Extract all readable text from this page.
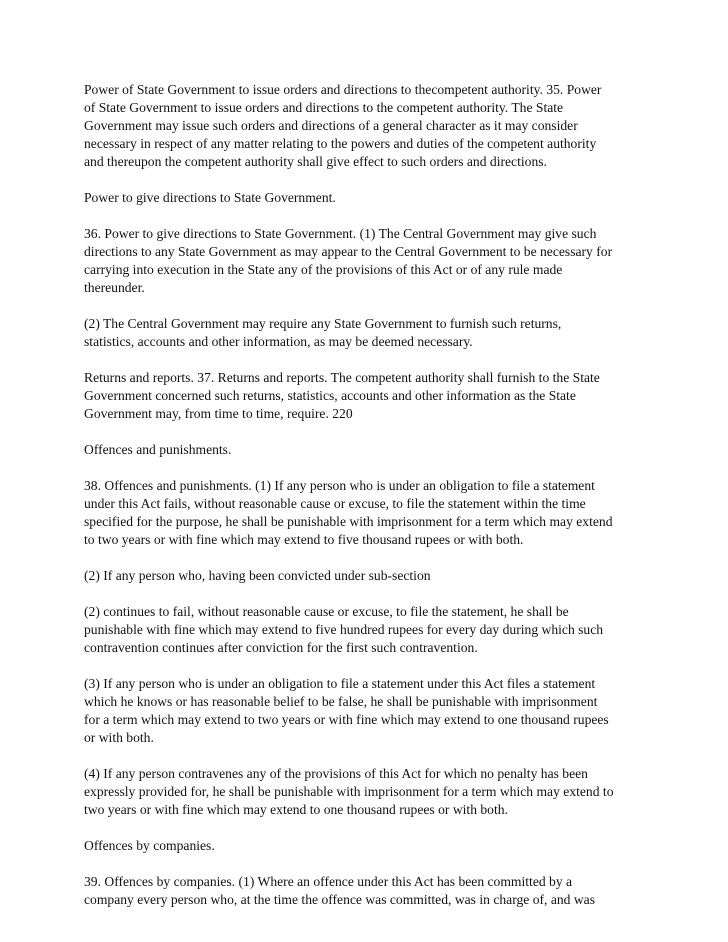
Power of State Government to issue orders and directions to thecompetent authority. 35. Power
of State Government to issue orders and directions to the competent authority. The State
Government may issue such orders and directions of a general character as it may consider
necessary in respect of any matter relating to the powers and duties of the competent authority
and thereupon the competent authority shall give effect to such orders and directions.

Power to give directions to State Government.

36. Power to give directions to State Government. (1) The Central Government may give such
directions to any State Government as may appear to the Central Government to be necessary for
carrying into execution in the State any of the provisions of this Act or of any rule made
thereunder.

(2) The Central Government may require any State Government to furnish such returns,
statistics, accounts and other information, as may be deemed necessary.

Returns and reports. 37. Returns and reports. The competent authority shall furnish to the State
Government concerned such returns, statistics, accounts and other information as the State
Government may, from time to time, require. 220

Offences and punishments.

38. Offences and punishments. (1) If any person who is under an obligation to file a statement
under this Act fails, without reasonable cause or excuse, to file the statement within the time
specified for the purpose, he shall be punishable with imprisonment for a term which may extend
to two years or with fine which may extend to five thousand rupees or with both.

(2) If any person who, having been convicted under sub-section

(2) continues to fail, without reasonable cause or excuse, to file the statement, he shall be
punishable with fine which may extend to five hundred rupees for every day during which such
contravention continues after conviction for the first such contravention.

(3) If any person who is under an obligation to file a statement under this Act files a statement
which he knows or has reasonable belief to be false, he shall be punishable with imprisonment
for a term which may extend to two years or with fine which may extend to one thousand rupees
or with both.

(4) If any person contravenes any of the provisions of this Act for which no penalty has been
expressly provided for, he shall be punishable with imprisonment for a term which may extend to
two years or with fine which may extend to one thousand rupees or with both.

Offences by companies.

39. Offences by companies. (1) Where an offence under this Act has been committed by a
company every person who, at the time the offence was committed, was in charge of, and was
